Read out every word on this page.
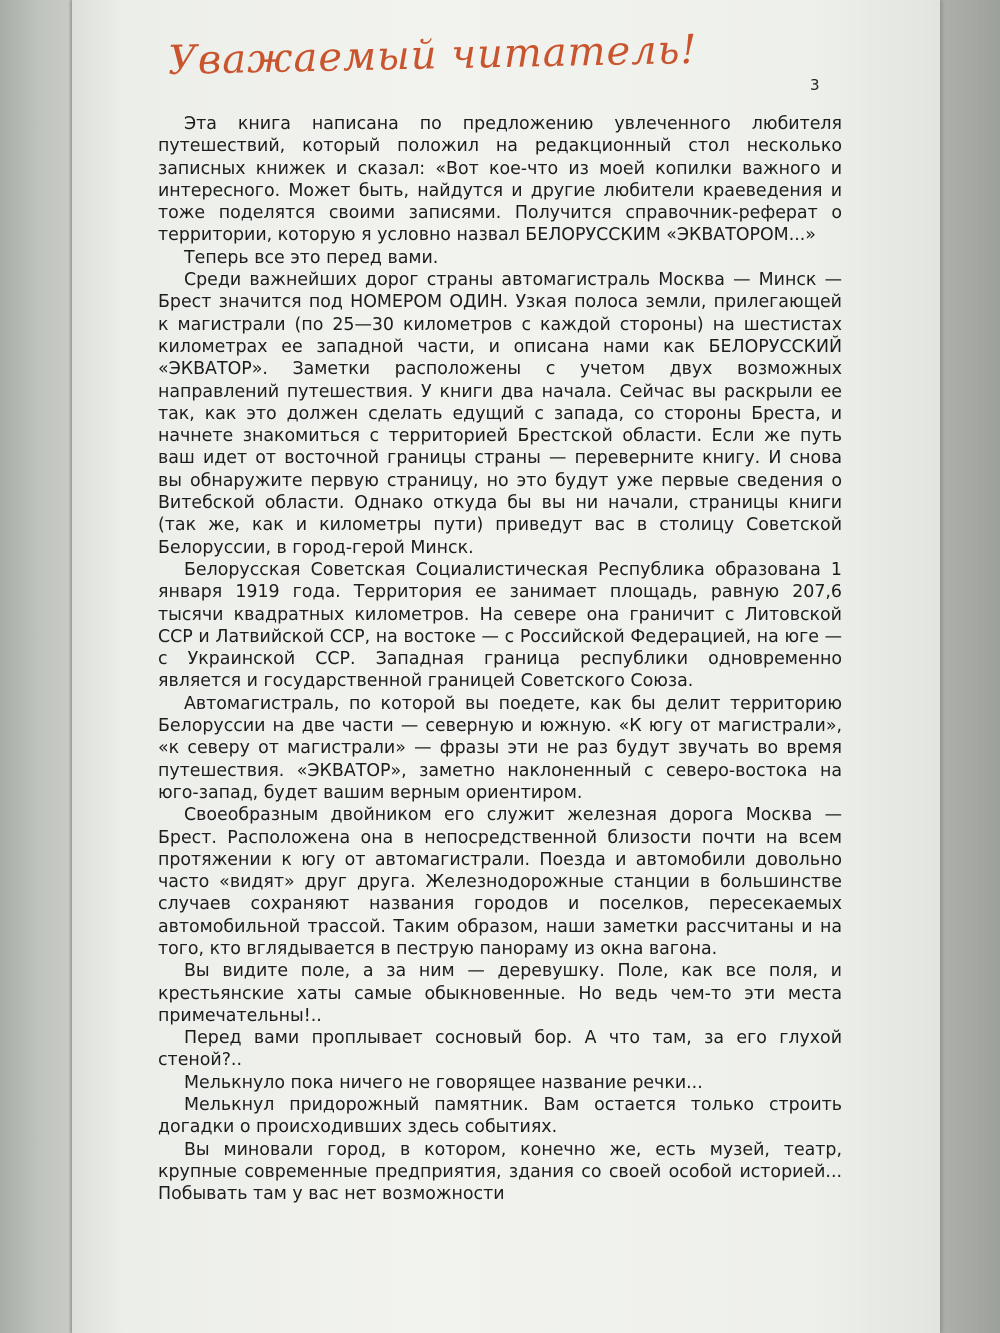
Уважаемый читатель!
3

Эта книга написана по предложению увлеченного любителя путешествий, который положил на редакционный стол несколько записных книжек и сказал: «Вот кое-что из моей копилки важного и интересного. Может быть, найдутся и другие любители краеведения и тоже поделятся своими записями. Получится справочник-реферат о территории, которую я условно назвал БЕЛОРУССКИМ «ЭКВАТОРОМ...»

Теперь все это перед вами.

Среди важнейших дорог страны автомагистраль Москва — Минск — Брест значится под НОМЕРОМ ОДИН. Узкая полоса земли, прилегающей к магистрали (по 25—30 километров с каждой стороны) на шестистах километрах ее западной части, и описана нами как БЕЛОРУССКИЙ «ЭКВАТОР». Заметки расположены с учетом двух возможных направлений путешествия. У книги два начала. Сейчас вы раскрыли ее так, как это должен сделать едущий с запада, со стороны Бреста, и начнете знакомиться с территорией Брестской области. Если же путь ваш идет от восточной границы страны — переверните книгу. И снова вы обнаружите первую страницу, но это будут уже первые сведения о Витебской области. Однако откуда бы вы ни начали, страницы книги (так же, как и километры пути) приведут вас в столицу Советской Белоруссии, в город-герой Минск.

Белорусская Советская Социалистическая Республика образована 1 января 1919 года. Территория ее занимает площадь, равную 207,6 тысячи квадратных километров. На севере она граничит с Литовской ССР и Латвийской ССР, на востоке — с Российской Федерацией, на юге — с Украинской ССР. Западная граница республики одновременно является и государственной границей Советского Союза.

Автомагистраль, по которой вы поедете, как бы делит территорию Белоруссии на две части — северную и южную. «К югу от магистрали», «к северу от магистрали» — фразы эти не раз будут звучать во время путешествия. «ЭКВАТОР», заметно наклоненный с северо-востока на юго-запад, будет вашим верным ориентиром.

Своеобразным двойником его служит железная дорога Москва — Брест. Расположена она в непосредственной близости почти на всем протяжении к югу от автомагистрали. Поезда и автомобили довольно часто «видят» друг друга. Железнодорожные станции в большинстве случаев сохраняют названия городов и поселков, пересекаемых автомобильной трассой. Таким образом, наши заметки рассчитаны и на того, кто вглядывается в пеструю панораму из окна вагона.

Вы видите поле, а за ним — деревушку. Поле, как все поля, и крестьянские хаты самые обыкновенные. Но ведь чем-то эти места примечательны!..

Перед вами проплывает сосновый бор. А что там, за его глухой стеной?..

Мелькнуло пока ничего не говорящее название речки...

Мелькнул придорожный памятник. Вам остается только строить догадки о происходивших здесь событиях.

Вы миновали город, в котором, конечно же, есть музей, театр, крупные современные предприятия, здания со своей особой историей... Побывать там у вас нет возможности
